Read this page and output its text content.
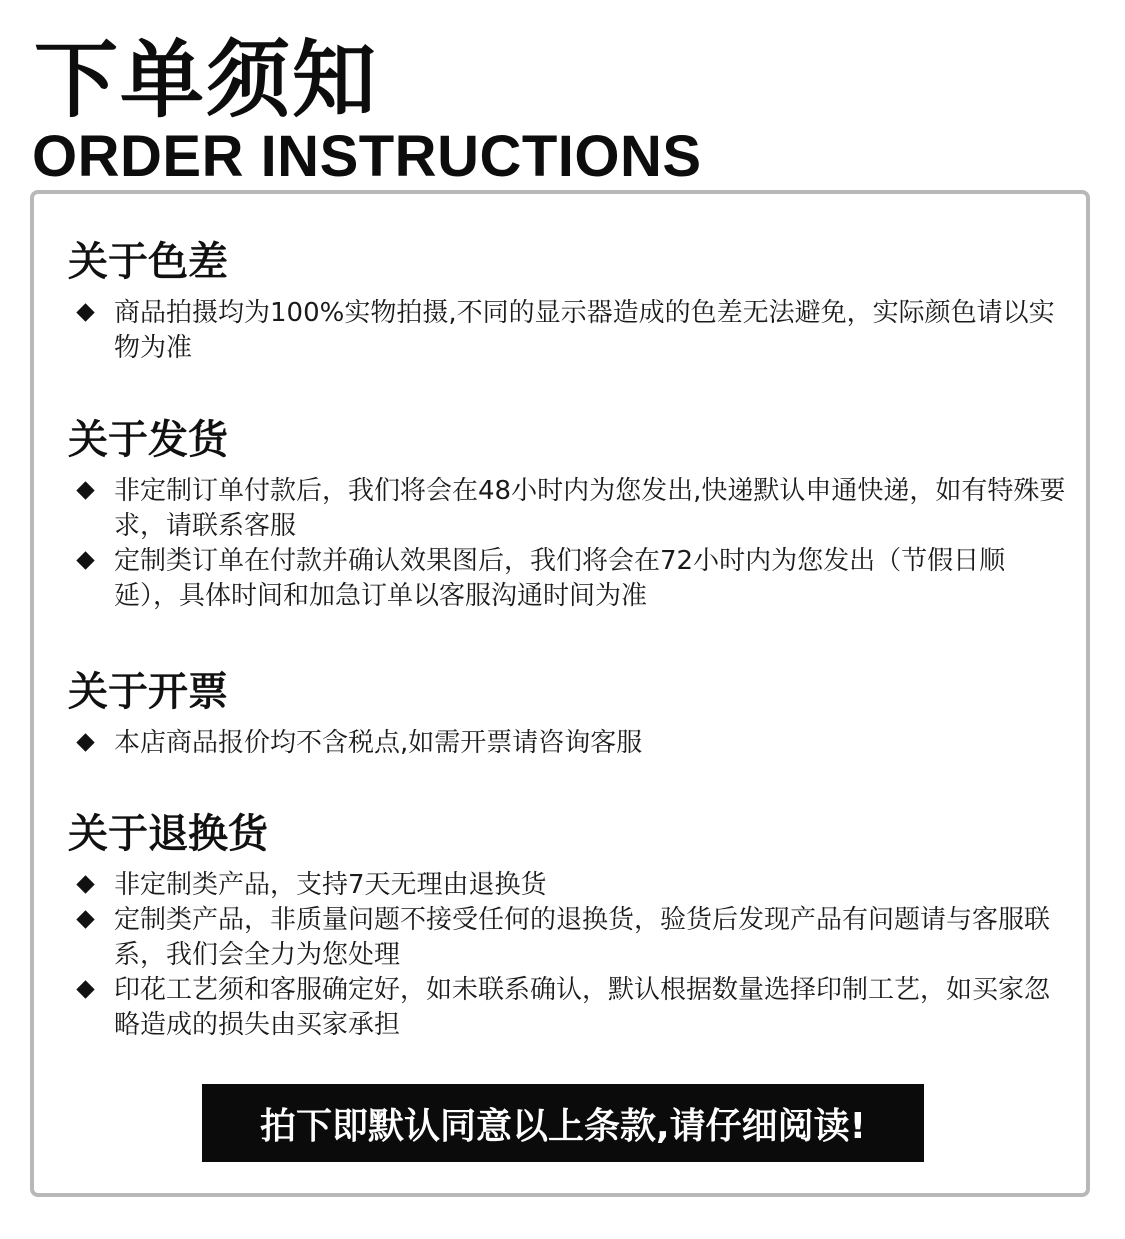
下单须知
ORDER INSTRUCTIONS
关于色差
商品拍摄均为100%实物拍摄,不同的显示器造成的色差无法避免，实际颜色请以实物为准
关于发货
非定制订单付款后，我们将会在48小时内为您发出,快递默认申通快递，如有特殊要求，请联系客服
定制类订单在付款并确认效果图后，我们将会在72小时内为您发出（节假日顺延），具体时间和加急订单以客服沟通时间为准
关于开票
本店商品报价均不含税点,如需开票请咨询客服
关于退换货
非定制类产品，支持7天无理由退换货
定制类产品，非质量问题不接受任何的退换货，验货后发现产品有问题请与客服联系，我们会全力为您处理
印花工艺须和客服确定好，如未联系确认，默认根据数量选择印制工艺，如买家忽略造成的损失由买家承担
拍下即默认同意以上条款,请仔细阅读!
